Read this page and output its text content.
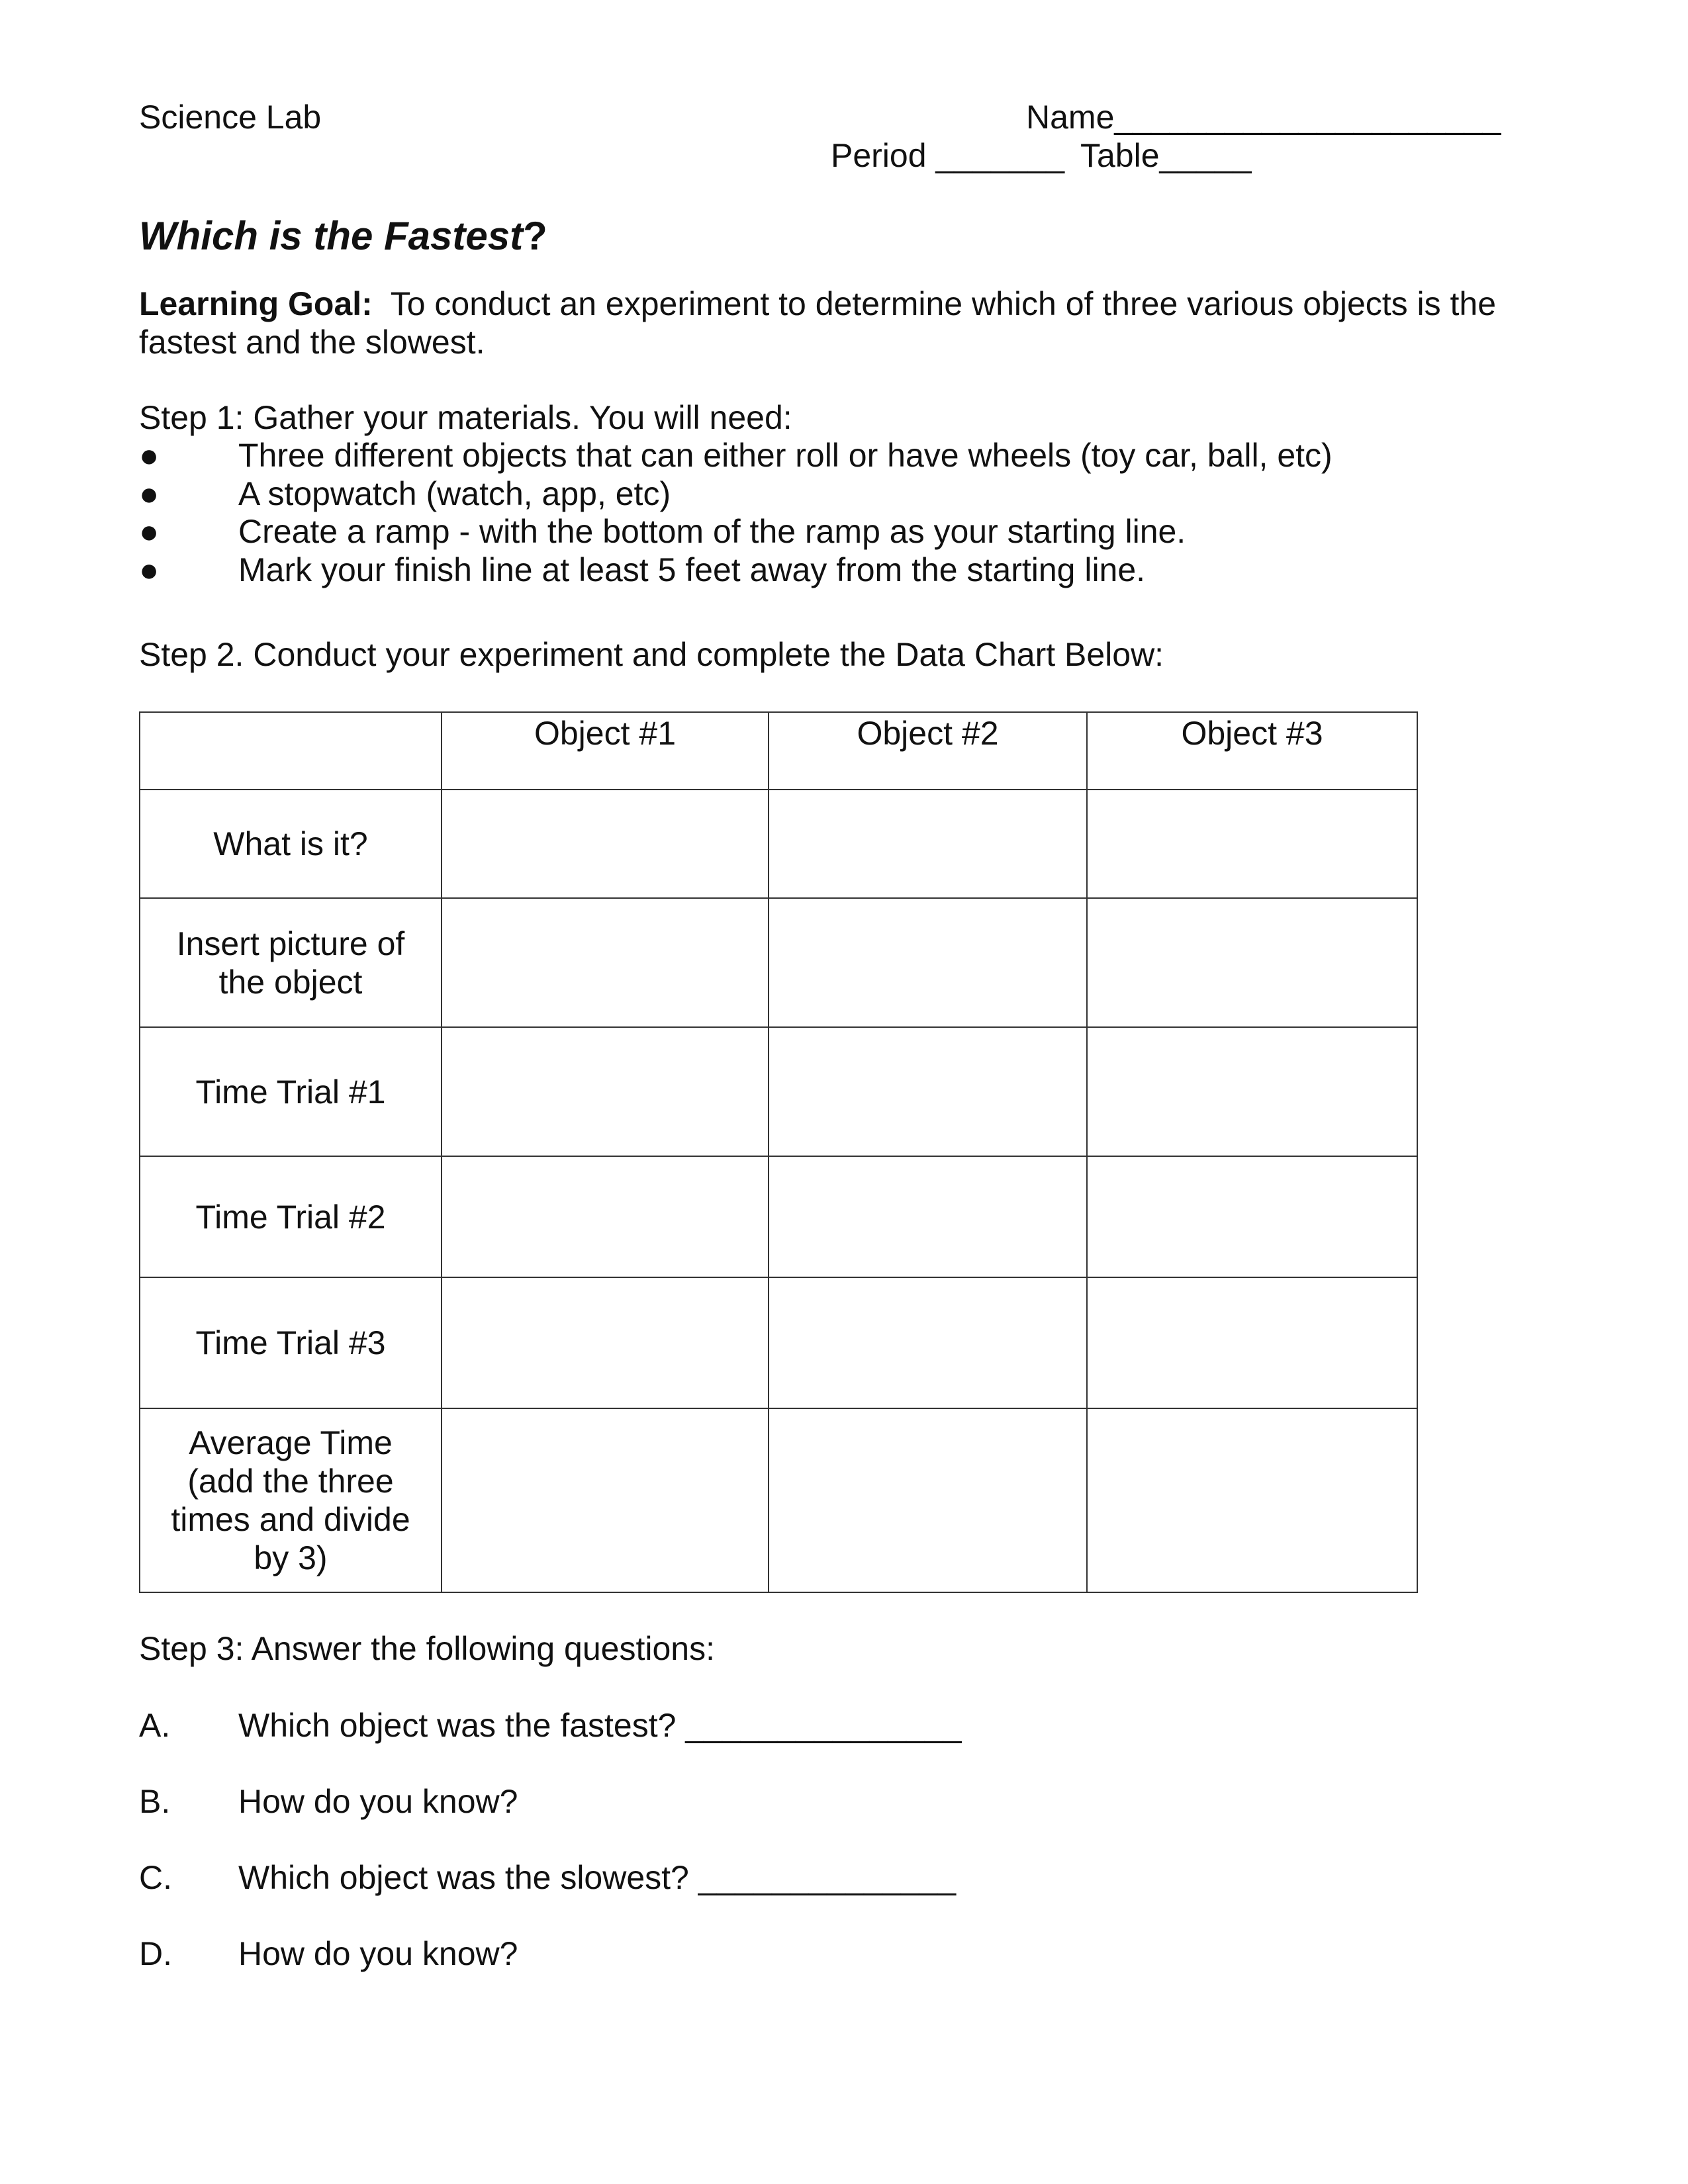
Science Lab	Name_____________________
Period _______ Table_____
Which is the Fastest?
Learning Goal: To conduct an experiment to determine which of three various objects is the
fastest and the slowest.
Step 1: Gather your materials. You will need:
●	Three different objects that can either roll or have wheels (toy car, ball, etc)
●	A stopwatch (watch, app, etc)
●	Create a ramp - with the bottom of the ramp as your starting line.
●	Mark your finish line at least 5 feet away from the starting line.
Step 2. Conduct your experiment and complete the Data Chart Below:
	Object #1	Object #2	Object #3
What is it?			

Insert picture of the object			

Time Trial #1			
Time Trial #2			
Time Trial #3			

Average Time (add the three times and divide by 3)			

Step 3: Answer the following questions:
A. Which object was the fastest? _______________
B. How do you know?
C. Which object was the slowest? ______________
D. How do you know?
